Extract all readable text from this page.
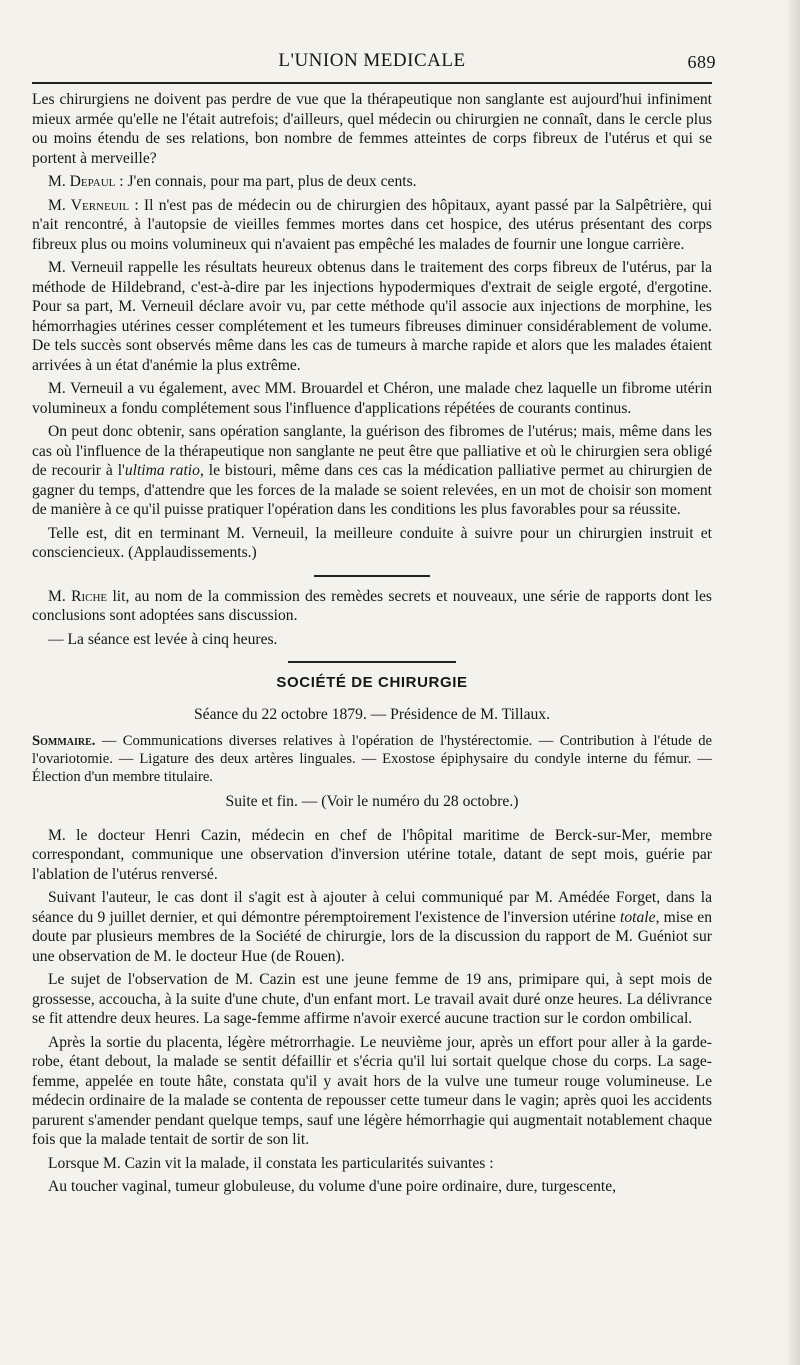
L'UNION MEDICALE	689

Les chirurgiens ne doivent pas perdre de vue que la thérapeutique non sanglante est aujourd'hui infiniment mieux armée qu'elle ne l'était autrefois; d'ailleurs, quel médecin ou chirurgien ne connaît, dans le cercle plus ou moins étendu de ses relations, bon nombre de femmes atteintes de corps fibreux de l'utérus et qui se portent à merveille?

M. Depaul : J'en connais, pour ma part, plus de deux cents.

M. Verneuil : Il n'est pas de médecin ou de chirurgien des hôpitaux, ayant passé par la Salpêtrière, qui n'ait rencontré, à l'autopsie de vieilles femmes mortes dans cet hospice, des utérus présentant des corps fibreux plus ou moins volumineux qui n'avaient pas empêché les malades de fournir une longue carrière.

M. Verneuil rappelle les résultats heureux obtenus dans le traitement des corps fibreux de l'utérus, par la méthode de Hildebrand, c'est-à-dire par les injections hypodermiques d'extrait de seigle ergoté, d'ergotine. Pour sa part, M. Verneuil déclare avoir vu, par cette méthode qu'il associe aux injections de morphine, les hémorrhagies utérines cesser complétement et les tumeurs fibreuses diminuer considérablement de volume. De tels succès sont observés même dans les cas de tumeurs à marche rapide et alors que les malades étaient arrivées à un état d'anémie la plus extrême.

M. Verneuil a vu également, avec MM. Brouardel et Chéron, une malade chez laquelle un fibrome utérin volumineux a fondu complétement sous l'influence d'applications répétées de courants continus.

On peut donc obtenir, sans opération sanglante, la guérison des fibromes de l'utérus; mais, même dans les cas où l'influence de la thérapeutique non sanglante ne peut être que palliative et où le chirurgien sera obligé de recourir à l'ultima ratio, le bistouri, même dans ces cas la médication palliative permet au chirurgien de gagner du temps, d'attendre que les forces de la malade se soient relevées, en un mot de choisir son moment de manière à ce qu'il puisse pratiquer l'opération dans les conditions les plus favorables pour sa réussite.

Telle est, dit en terminant M. Verneuil, la meilleure conduite à suivre pour un chirurgien instruit et consciencieux. (Applaudissements.)

M. Riche lit, au nom de la commission des remèdes secrets et nouveaux, une série de rapports dont les conclusions sont adoptées sans discussion.

— La séance est levée à cinq heures.

SOCIÉTÉ DE CHIRURGIE
Séance du 22 octobre 1879. — Présidence de M. Tillaux.
Sommaire. — Communications diverses relatives à l'opération de l'hystérectomie. — Contribution à l'étude de l'ovariotomie. — Ligature des deux artères linguales. — Exostose épiphysaire du condyle interne du fémur. — Élection d'un membre titulaire.
Suite et fin. — (Voir le numéro du 28 octobre.)

M. le docteur Henri Cazin, médecin en chef de l'hôpital maritime de Berck-sur-Mer, membre correspondant, communique une observation d'inversion utérine totale, datant de sept mois, guérie par l'ablation de l'utérus renversé.

Suivant l'auteur, le cas dont il s'agit est à ajouter à celui communiqué par M. Amédée Forget, dans la séance du 9 juillet dernier, et qui démontre péremptoirement l'existence de l'inversion utérine totale, mise en doute par plusieurs membres de la Société de chirurgie, lors de la discussion du rapport de M. Guéniot sur une observation de M. le docteur Hue (de Rouen).

Le sujet de l'observation de M. Cazin est une jeune femme de 19 ans, primipare qui, à sept mois de grossesse, accoucha, à la suite d'une chute, d'un enfant mort. Le travail avait duré onze heures. La délivrance se fit attendre deux heures. La sage-femme affirme n'avoir exercé aucune traction sur le cordon ombilical.

Après la sortie du placenta, légère métrorrhagie. Le neuvième jour, après un effort pour aller à la garde-robe, étant debout, la malade se sentit défaillir et s'écria qu'il lui sortait quelque chose du corps. La sage-femme, appelée en toute hâte, constata qu'il y avait hors de la vulve une tumeur rouge volumineuse. Le médecin ordinaire de la malade se contenta de repousser cette tumeur dans le vagin; après quoi les accidents parurent s'amender pendant quelque temps, sauf une légère hémorrhagie qui augmentait notablement chaque fois que la malade tentait de sortir de son lit.

Lorsque M. Cazin vit la malade, il constata les particularités suivantes :

Au toucher vaginal, tumeur globuleuse, du volume d'une poire ordinaire, dure, turgescente,
